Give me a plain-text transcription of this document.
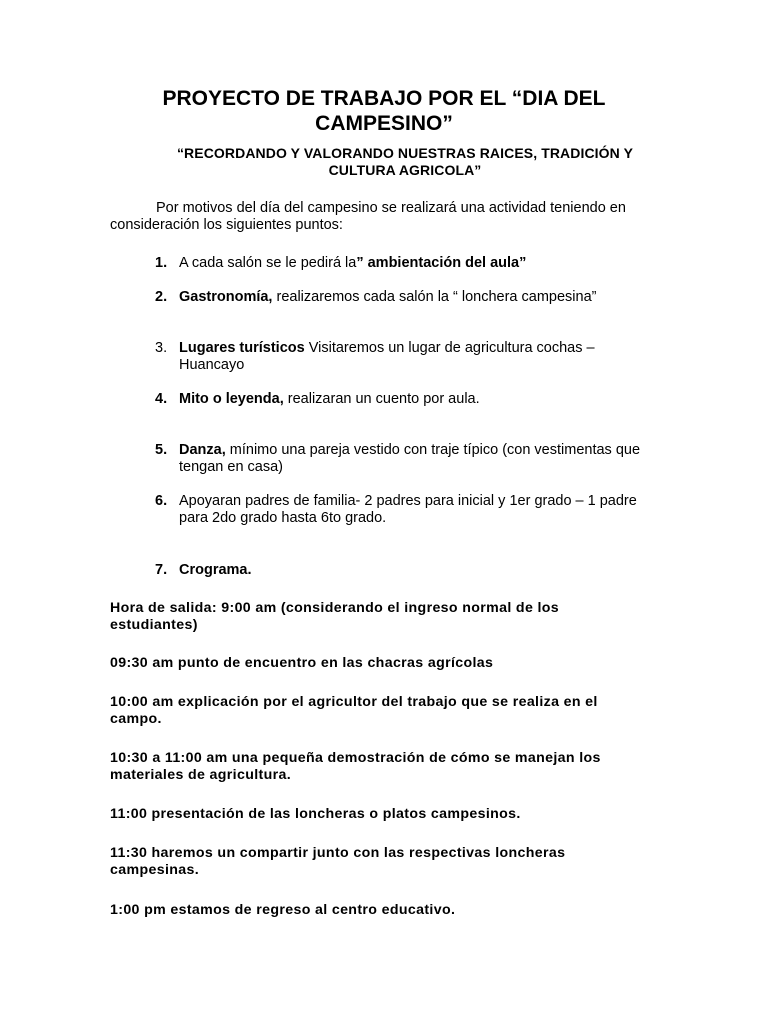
PROYECTO DE TRABAJO POR EL “DIA DEL
CAMPESINO”
“RECORDANDO Y VALORANDO NUESTRAS RAICES, TRADICIÓN Y
CULTURA AGRICOLA”
Por motivos del día del campesino se realizará una actividad teniendo en consideración los siguientes puntos:
1. A cada salón se le pedirá la” ambientación del aula”
2. Gastronomía, realizaremos cada salón la “ lonchera campesina”
3. Lugares turísticos Visitaremos un lugar de agricultura cochas – Huancayo
4. Mito o leyenda, realizaran un cuento por aula.
5. Danza, mínimo una pareja vestido con traje típico (con vestimentas que tengan en casa)
6. Apoyaran padres de familia- 2 padres para inicial y 1er grado – 1 padre para 2do grado hasta 6to grado.
7. Crograma.
Hora de salida: 9:00 am (considerando el ingreso normal de los estudiantes)
09:30 am punto de encuentro en las chacras agrícolas
10:00 am explicación por el agricultor del trabajo que se realiza en el campo.
10:30 a 11:00 am una pequeña demostración de cómo se manejan los materiales de agricultura.
11:00 presentación de las loncheras o platos campesinos.
11:30 haremos un compartir junto con las respectivas loncheras campesinas.
1:00 pm estamos de regreso al centro educativo.
